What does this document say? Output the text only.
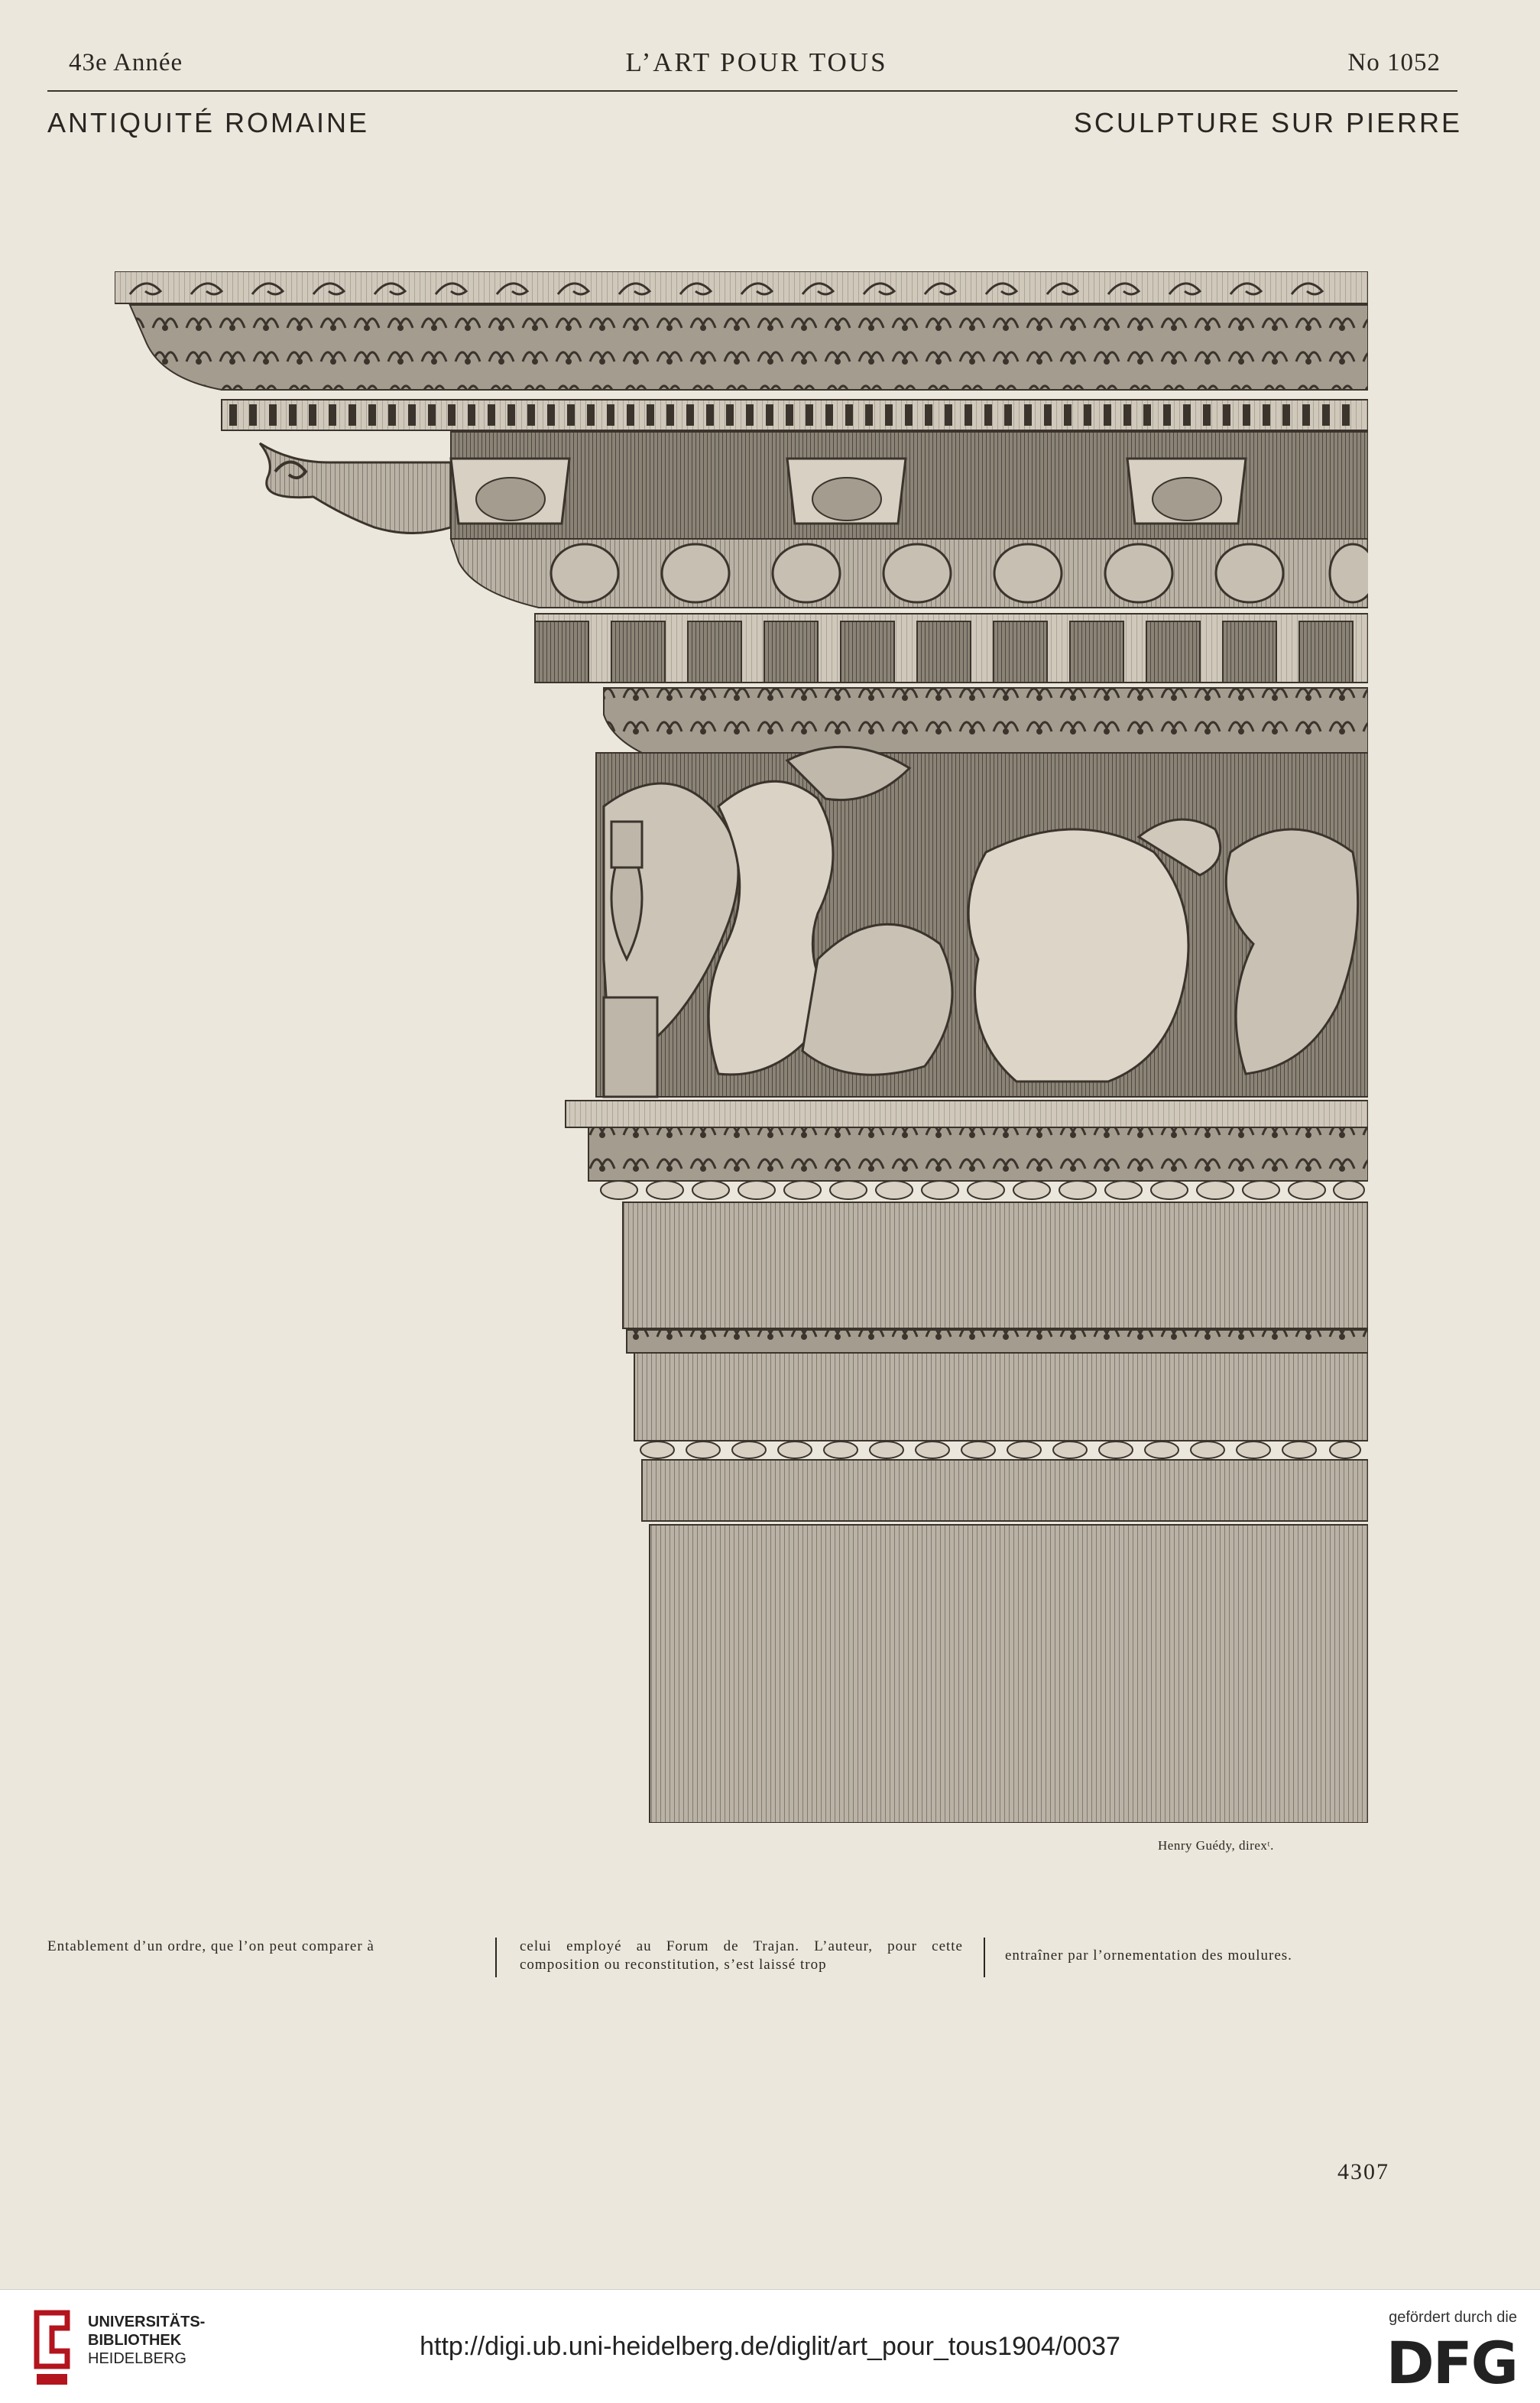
43e Année	L’ART POUR TOUS	No 1052
ANTIQUITÉ ROMAINE	SCULPTURE SUR PIERRE
Henry Guédy, direxᵗ.
Entablement d’un ordre, que l’on peut comparer à	celui employé au Forum de Trajan. L’auteur, pour cette composition ou reconstitution, s’est laissé trop
entraîner par l’ornementation des moulures.
4307
UNIVERSITÄTS-
BIBLIOTHEK
HEIDELBERG	http://digi.ub.uni-heidelberg.de/diglit/art_pour_tous1904/0037
gefördert durch die
DFG
